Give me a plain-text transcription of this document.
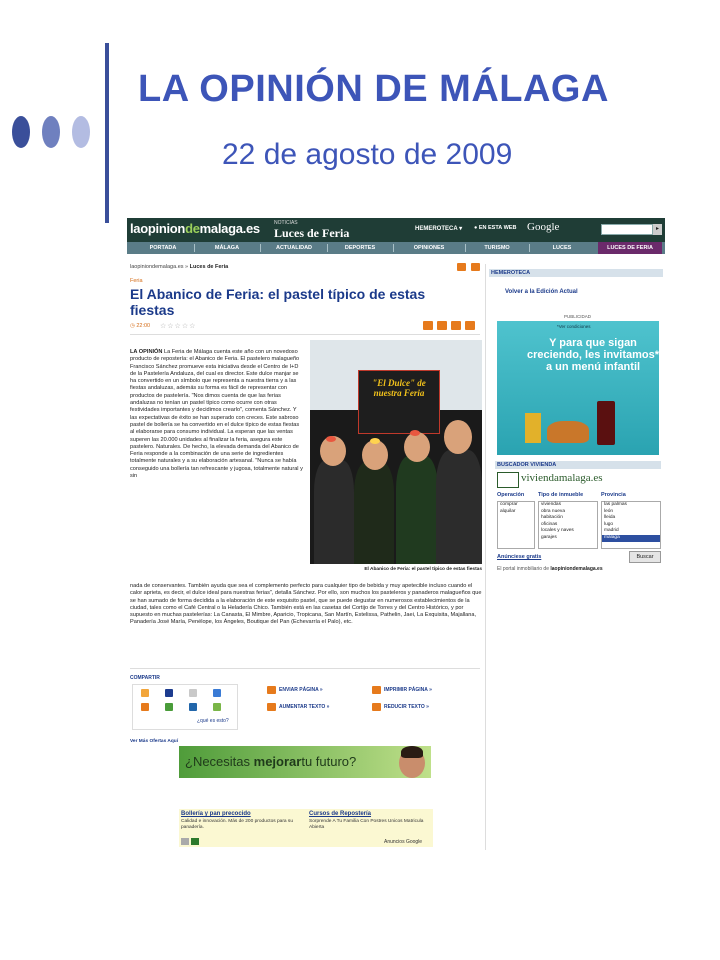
LA OPINIÓN DE MÁLAGA
22 de agosto de 2009
laopiniondemalaga.es	NOTICIAS
Luces de Feria	HEMEROTECA ▾ ● EN ESTA WEB Google	▸
PORTADA	MÁLAGA	ACTUALIDAD	DEPORTES	OPINIONES	TURISMO	LUCES	LUCES DE FERIA
laopiniondemalaga.es » Luces de Feria
Feria
El Abanico de Feria: el pastel típico de estas fiestas
◷ 22:00 ☆☆☆☆☆
LA OPINIÓN La Feria de Málaga cuenta este año con un novedoso producto de repostería: el Abanico de Feria. El pastelero malagueño Francisco Sánchez promueve esta iniciativa desde el Centro de I+D de la Pastelería Andaluza, del cual es director. Este dulce manjar se ha convertido en un símbolo que representa a nuestra tierra y a las fiestas andaluzas, además su forma es fácil de representar con productos de pastelería. "Nos dimos cuenta de que las ferias andaluzas no tenían un pastel típico como ocurre con otras festividades importantes y decidimos crearlo", comenta Sánchez. Y las expectativas de éxito se han superado con creces. Este sabroso pastel de bollería se ha convertido en el dulce típico de estas fiestas al elaborarse para consumo individual. La esperan que las ventas superen las 20.000 unidades al finalizar la feria, asegura este pastelero. Naturales. De hecho, la elevada demanda del Abanico de Feria responde a la combinación de una serie de ingredientes totalmente naturales y a su elaboración artesanal. "Nunca se había conseguido una bollería tan refrescante y jugosa, totalmente natural y sin
"El Dulce" de nuestra Feria
El Abanico de Feria: el pastel típico de estas fiestas
nada de conservantes. También ayuda que sea el complemento perfecto para cualquier tipo de bebida y muy apetecible incluso cuando el calor aprieta, es decir, el dulce ideal para nuestras ferias", detalla Sánchez. Por ello, son muchos los pasteleros y panaderos malagueños que se han sumado de forma decidida a la elaboración de este exquisito pastel, que se puede degustar en numerosos establecimientos de la ciudad, tales como el Café Central o la Heladería Chico. También está en las casetas del Cortijo de Torres y del Centro Histórico, y por supuesto en muchas pastelerías: La Canasta, El Mimbre, Aparicio, Tropicana, San Martín, Estelissa, Pathelin, Jaei, La Exquisita, Majallana, Panadería José María, Penélope, los Ángeles, Boutique del Pan (Echevarría el Palo), etc.
COMPARTIR
¿qué es esto?
ENVIAR PÁGINA »	IMPRIMIR PÁGINA »
AUMENTAR TEXTO »	REDUCIR TEXTO »
Ver Más Ofertas Aquí
¿Necesitas mejorartu futuro?
Bollería y pan precocido
Calidad e innovación. Más de 200 productos para su panadería.
Cursos de Repostería
Sorprende A Tu Familia Con Postres Unicos Matricula Abierta
Anuncios Google
HEMEROTECA
Volver a la Edición Actual
PUBLICIDAD
*Ver condiciones
Y para que sigan creciendo, les invitamos* a un menú infantil
BUSCADOR VIVIENDA
viviendamalaga.es
Operación	Tipo de inmueble	Provincia
comprar
alquilar
viviendas
obra nueva
habitación
oficinas
locales y naves
garajes
las palmas
león
lleida
lugo
madrid
málaga
Anúnciese gratis	Buscar
El portal inmobiliario de laopiniondemalaga.es
